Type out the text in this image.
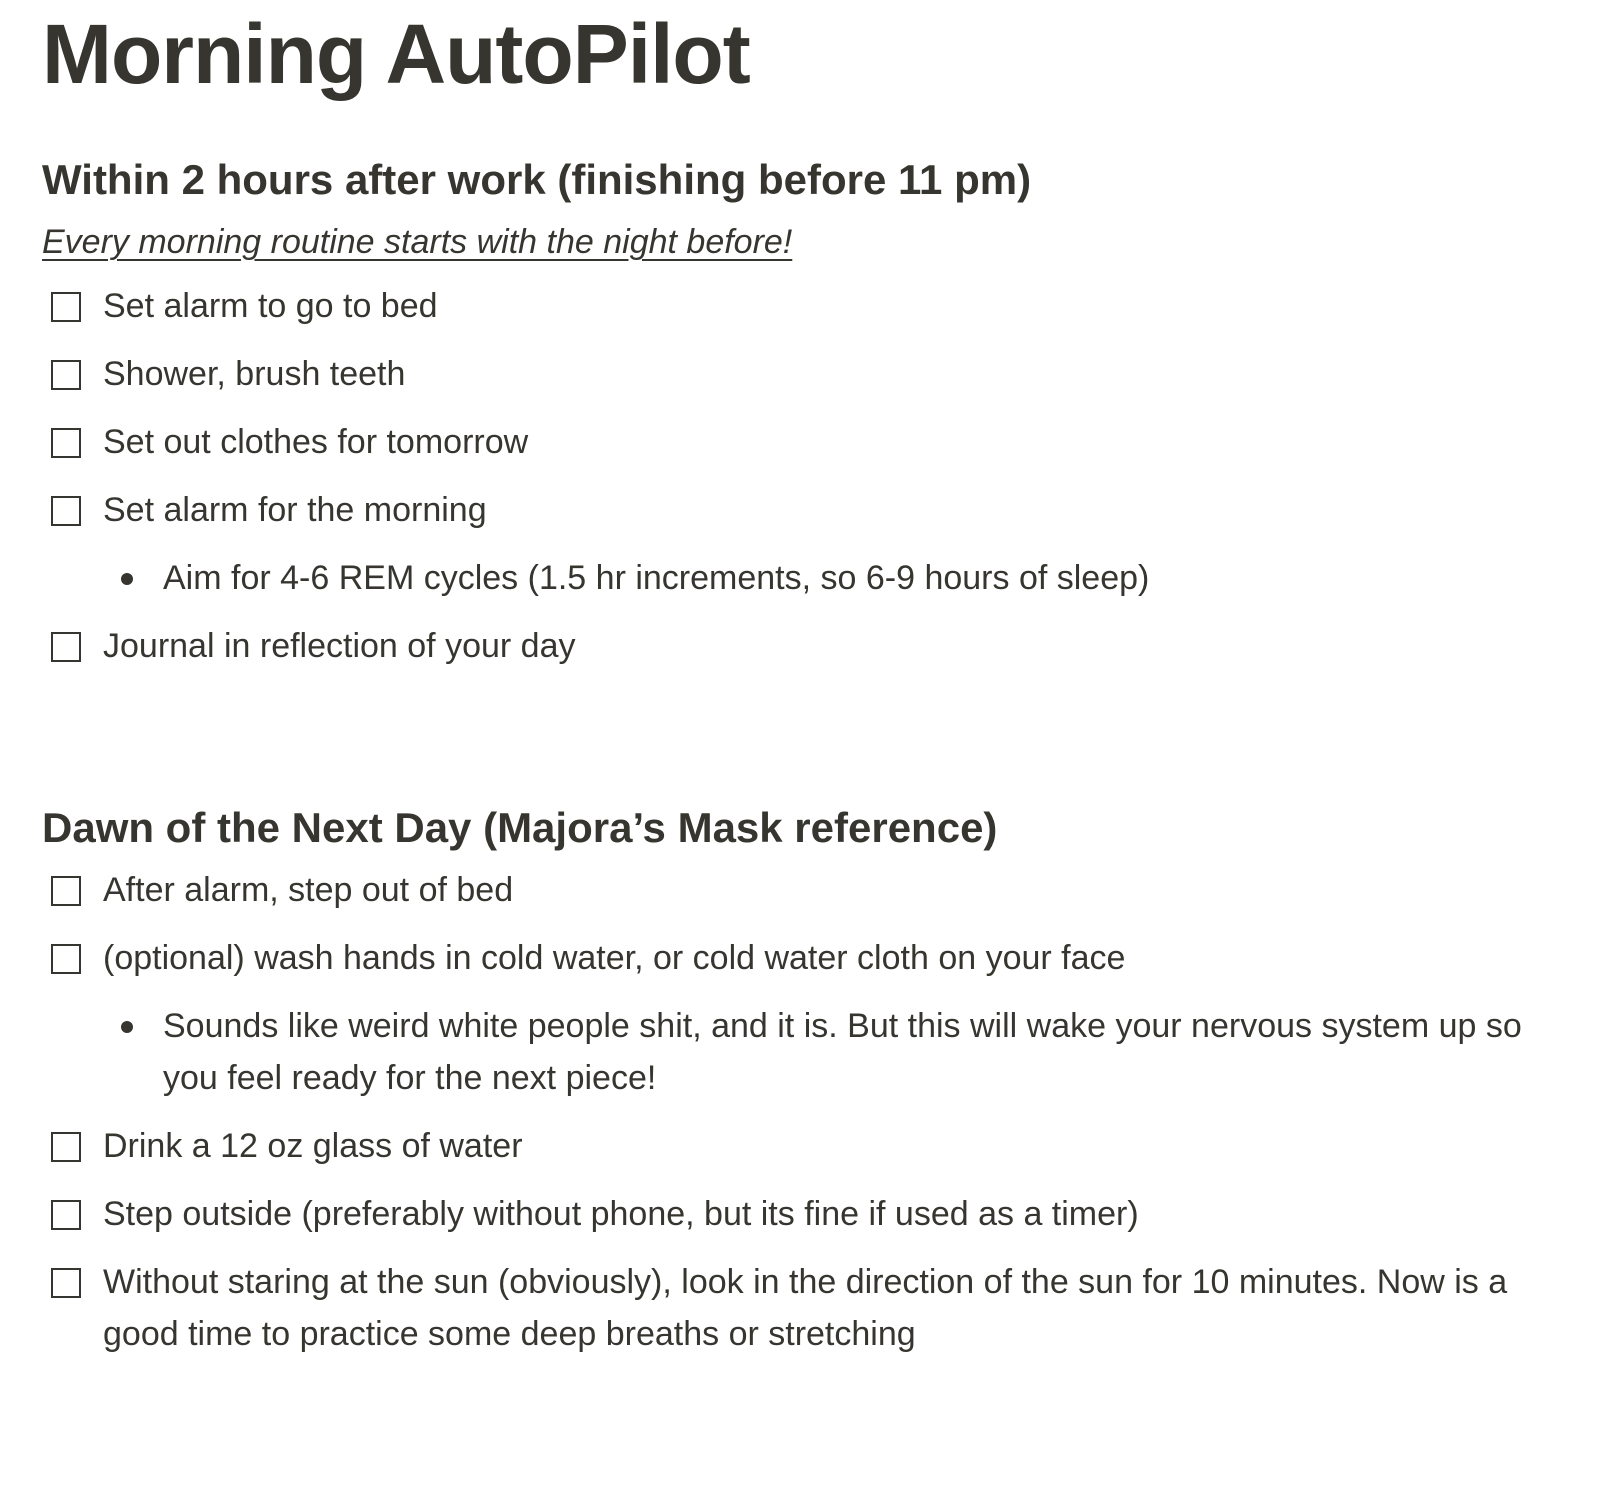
Morning AutoPilot
Within 2 hours after work (finishing before 11 pm)
Every morning routine starts with the night before!
Set alarm to go to bed
Shower, brush teeth
Set out clothes for tomorrow
Set alarm for the morning
Aim for 4-6 REM cycles (1.5 hr increments, so 6-9 hours of sleep)
Journal in reflection of your day
Dawn of the Next Day (Majora’s Mask reference)
After alarm, step out of bed
(optional) wash hands in cold water, or cold water cloth on your face
Sounds like weird white people shit, and it is. But this will wake your nervous system up so you feel ready for the next piece!
Drink a 12 oz glass of water
Step outside (preferably without phone, but its fine if used as a timer)
Without staring at the sun (obviously), look in the direction of the sun for 10 minutes. Now is a good time to practice some deep breaths or stretching
